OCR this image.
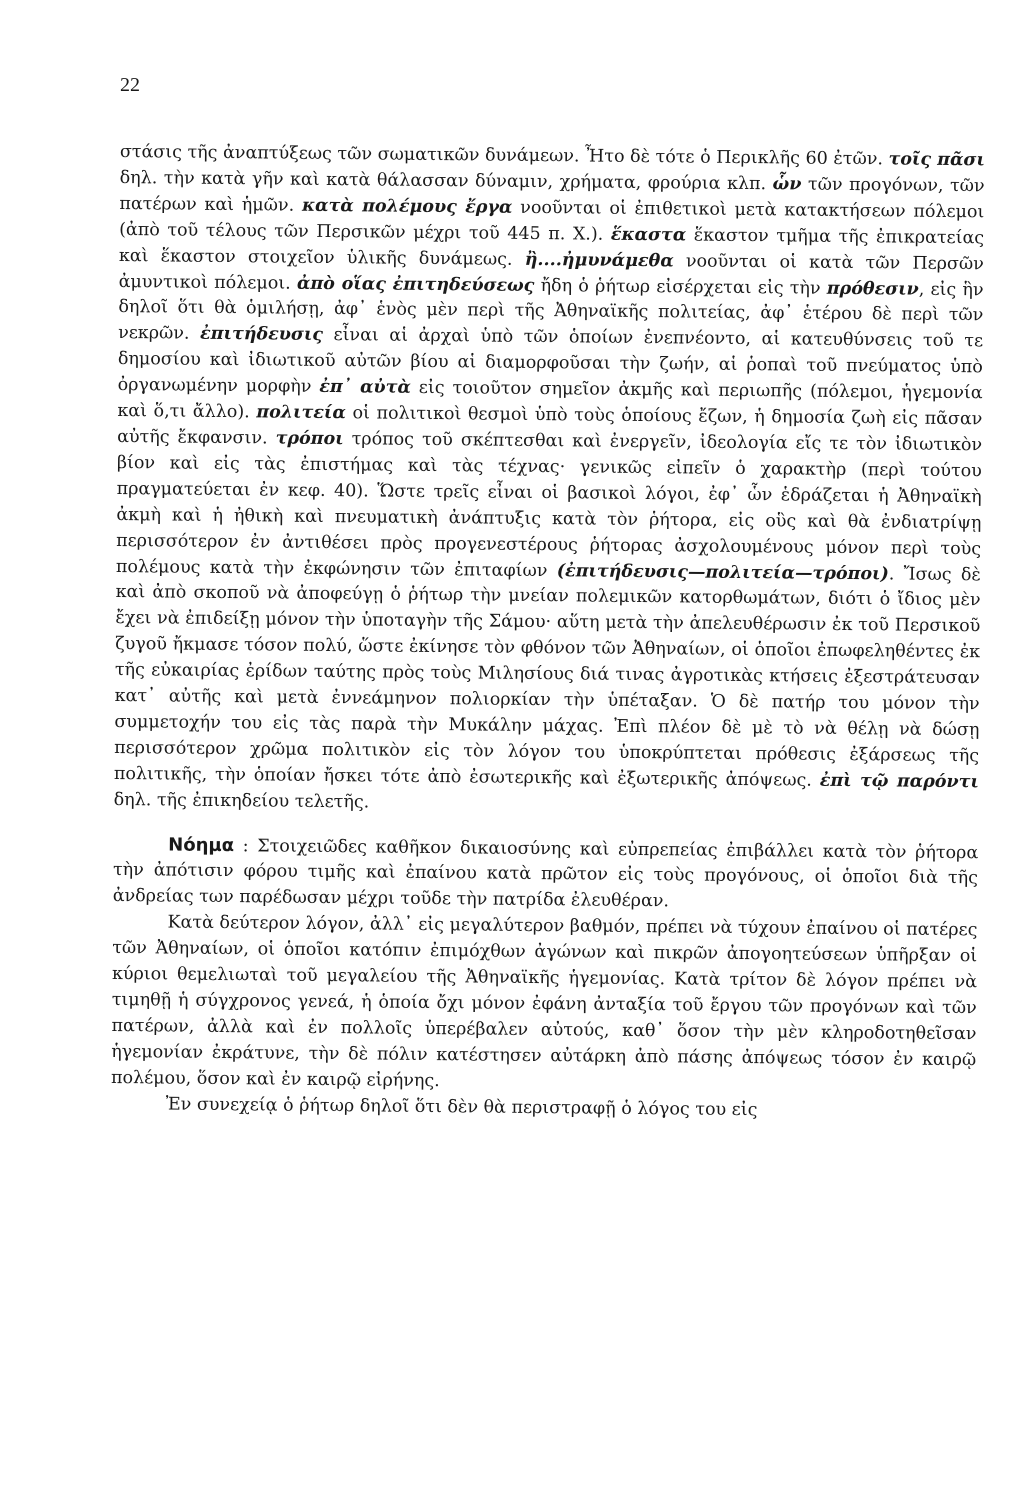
22

στάσις τῆς ἀναπτύξεως τῶν σωματικῶν δυνάμεων. Ἦτο δὲ τότε ὁ Περικλῆς 60 ἐτῶν. τοῖς πᾶσι δηλ. τὴν κατὰ γῆν καὶ κατὰ θάλασσαν δύναμιν, χρήματα, φρούρια κλπ. ὧν τῶν προγόνων, τῶν πατέρων καὶ ἡμῶν. κατὰ πολέμους ἔργα νοοῦνται οἱ ἐπιθετικοὶ μετὰ κατακτήσεων πόλεμοι (ἀπὸ τοῦ τέλους τῶν Περσικῶν μέχρι τοῦ 445 π. Χ.). ἕκαστα ἕκαστον τμῆμα τῆς ἐπικρατείας καὶ ἕκαστον στοιχεῖον ὑλικῆς δυνάμεως. ἢ....ἠμυνάμεθα νοοῦνται οἱ κατὰ τῶν Περσῶν ἀμυντικοὶ πόλεμοι. ἀπὸ οἵας ἐπιτηδεύσεως ἤδη ὁ ῥήτωρ εἰσέρχεται εἰς τὴν πρόθεσιν, εἰς ἣν δηλοῖ ὅτι θὰ ὁμιλήσῃ, ἀφ᾽ ἑνὸς μὲν περὶ τῆς Ἀθηναϊκῆς πολιτείας, ἀφ᾽ ἑτέρου δὲ περὶ τῶν νεκρῶν. ἐπιτήδευσις εἶναι αἱ ἀρχαὶ ὑπὸ τῶν ὁποίων ἐνεπνέοντο, αἱ κατευθύνσεις τοῦ τε δημοσίου καὶ ἰδιωτικοῦ αὐτῶν βίου αἱ διαμορφοῦσαι τὴν ζωήν, αἱ ῥοπαὶ τοῦ πνεύματος ὑπὸ ὀργανωμένην μορφὴν ἐπ᾽ αὐτὰ εἰς τοιοῦτον σημεῖον ἀκμῆς καὶ περιωπῆς (πόλεμοι, ἡγεμονία καὶ ὅ,τι ἄλλο). πολιτεία οἱ πολιτικοὶ θεσμοὶ ὑπὸ τοὺς ὁποίους ἔζων, ἡ δημοσία ζωὴ εἰς πᾶσαν αὐτῆς ἔκφανσιν. τρόποι τρόπος τοῦ σκέπτεσθαι καὶ ἐνεργεῖν, ἰδεολογία εἴς τε τὸν ἰδιωτικὸν βίον καὶ εἰς τὰς ἐπιστήμας καὶ τὰς τέχνας· γενικῶς εἰπεῖν ὁ χαρακτὴρ (περὶ τούτου πραγματεύεται ἐν κεφ. 40). Ὥστε τρεῖς εἶναι οἱ βασικοὶ λόγοι, ἐφ᾽ ὧν ἑδράζεται ἡ Ἀθηναϊκὴ ἀκμὴ καὶ ἡ ἠθικὴ καὶ πνευματικὴ ἀνάπτυξις κατὰ τὸν ῥήτορα, εἰς οὓς καὶ θὰ ἐνδιατρίψῃ περισσότερον ἐν ἀντιθέσει πρὸς προγενεστέρους ῥήτορας ἀσχολουμένους μόνον περὶ τοὺς πολέμους κατὰ τὴν ἐκφώνησιν τῶν ἐπιταφίων (ἐπιτήδευσις—πολιτεία—τρόποι). Ἴσως δὲ καὶ ἀπὸ σκοποῦ νὰ ἀποφεύγῃ ὁ ῥήτωρ τὴν μνείαν πολεμικῶν κατορθωμάτων, διότι ὁ ἴδιος μὲν ἔχει νὰ ἐπιδείξῃ μόνον τὴν ὑποταγὴν τῆς Σάμου· αὕτη μετὰ τὴν ἀπελευθέρωσιν ἐκ τοῦ Περσικοῦ ζυγοῦ ἤκμασε τόσον πολύ, ὥστε ἐκίνησε τὸν φθόνον τῶν Ἀθηναίων, οἱ ὁποῖοι ἐπωφεληθέντες ἐκ τῆς εὐκαιρίας ἐρίδων ταύτης πρὸς τοὺς Μιλησίους διά τινας ἀγροτικὰς κτήσεις ἐξεστράτευσαν κατ᾽ αὐτῆς καὶ μετὰ ἐννεάμηνον πολιορκίαν τὴν ὑπέταξαν. Ὁ δὲ πατήρ του μόνον τὴν συμμετοχήν του εἰς τὰς παρὰ τὴν Μυκάλην μάχας. Ἐπὶ πλέον δὲ μὲ τὸ νὰ θέλῃ νὰ δώσῃ περισσότερον χρῶμα πολιτικὸν εἰς τὸν λόγον του ὑποκρύπτεται πρόθεσις ἐξάρσεως τῆς πολιτικῆς, τὴν ὁποίαν ἤσκει τότε ἀπὸ ἐσωτερικῆς καὶ ἐξωτερικῆς ἀπόψεως. ἐπὶ τῷ παρόντι δηλ. τῆς ἐπικηδείου τελετῆς.

Νόημα : Στοιχειῶδες καθῆκον δικαιοσύνης καὶ εὐπρεπείας ἐπιβάλλει κατὰ τὸν ῥήτορα τὴν ἀπότισιν φόρου τιμῆς καὶ ἐπαίνου κατὰ πρῶτον εἰς τοὺς προγόνους, οἱ ὁποῖοι διὰ τῆς ἀνδρείας των παρέδωσαν μέχρι τοῦδε τὴν πατρίδα ἐλευθέραν.

Κατὰ δεύτερον λόγον, ἀλλ᾽ εἰς μεγαλύτερον βαθμόν, πρέπει νὰ τύχουν ἐπαίνου οἱ πατέρες τῶν Ἀθηναίων, οἱ ὁποῖοι κατόπιν ἐπιμόχθων ἀγώνων καὶ πικρῶν ἀπογοητεύσεων ὑπῆρξαν οἱ κύριοι θεμελιωταὶ τοῦ μεγαλείου τῆς Ἀθηναϊκῆς ἡγεμονίας. Κατὰ τρίτον δὲ λόγον πρέπει νὰ τιμηθῇ ἡ σύγχρονος γενεά, ἡ ὁποία ὄχι μόνον ἐφάνη ἀνταξία τοῦ ἔργου τῶν προγόνων καὶ τῶν πατέρων, ἀλλὰ καὶ ἐν πολλοῖς ὑπερέβαλεν αὐτούς, καθ᾽ ὅσον τὴν μὲν κληροδοτηθεῖσαν ἡγεμονίαν ἐκράτυνε, τὴν δὲ πόλιν κατέστησεν αὐτάρκη ἀπὸ πάσης ἀπόψεως τόσον ἐν καιρῷ πολέμου, ὅσον καὶ ἐν καιρῷ εἰρήνης.

Ἐν συνεχείᾳ ὁ ῥήτωρ δηλοῖ ὅτι δὲν θὰ περιστραφῇ ὁ λόγος του εἰς
